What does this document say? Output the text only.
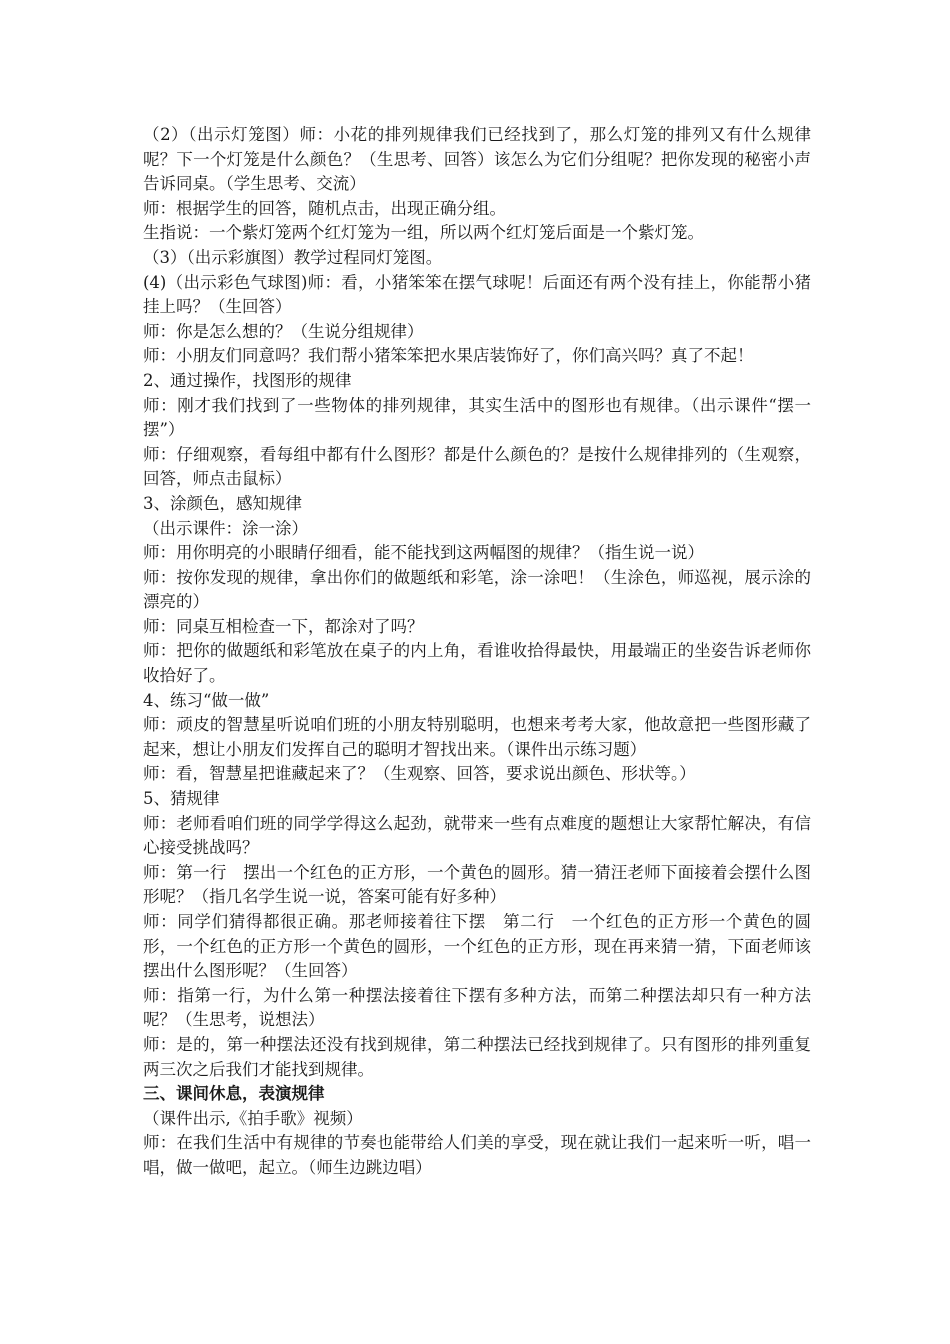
（2）（出示灯笼图）师：小花的排列规律我们已经找到了，那么灯笼的排列又有什么规律呢？下一个灯笼是什么颜色？（生思考、回答）该怎么为它们分组呢？把你发现的秘密小声告诉同桌。（学生思考、交流）

师：根据学生的回答，随机点击，出现正确分组。

生指说：一个紫灯笼两个红灯笼为一组，所以两个红灯笼后面是一个紫灯笼。

（3）（出示彩旗图）教学过程同灯笼图。

(4)（出示彩色气球图)师：看，小猪笨笨在摆气球呢！后面还有两个没有挂上，你能帮小猪挂上吗？（生回答）

师：你是怎么想的？（生说分组规律）

师：小朋友们同意吗？我们帮小猪笨笨把水果店装饰好了，你们高兴吗？真了不起！

2、通过操作，找图形的规律

师：刚才我们找到了一些物体的排列规律，其实生活中的图形也有规律。（出示课件“摆一摆”）

师：仔细观察，看每组中都有什么图形？都是什么颜色的？是按什么规律排列的（生观察，回答，师点击鼠标）

3、涂颜色，感知规律

（出示课件：涂一涂）

师：用你明亮的小眼睛仔细看，能不能找到这两幅图的规律？（指生说一说）

师：按你发现的规律，拿出你们的做题纸和彩笔，涂一涂吧！（生涂色，师巡视，展示涂的漂亮的）

师：同桌互相检查一下，都涂对了吗？

师：把你的做题纸和彩笔放在桌子的内上角，看谁收拾得最快，用最端正的坐姿告诉老师你收拾好了。

4、练习“做一做”

师：顽皮的智慧星听说咱们班的小朋友特别聪明，也想来考考大家，他故意把一些图形藏了起来，想让小朋友们发挥自己的聪明才智找出来。（课件出示练习题）

师：看，智慧星把谁藏起来了？（生观察、回答，要求说出颜色、形状等。）

5、猜规律

师：老师看咱们班的同学学得这么起劲，就带来一些有点难度的题想让大家帮忙解决，有信心接受挑战吗？

师：第一行　摆出一个红色的正方形，一个黄色的圆形。猜一猜汪老师下面接着会摆什么图形呢？（指几名学生说一说，答案可能有好多种）

师：同学们猜得都很正确。那老师接着往下摆　第二行　一个红色的正方形一个黄色的圆形，一个红色的正方形一个黄色的圆形，一个红色的正方形，现在再来猜一猜，下面老师该摆出什么图形呢？（生回答）

师：指第一行，为什么第一种摆法接着往下摆有多种方法，而第二种摆法却只有一种方法呢？（生思考，说想法）

师：是的，第一种摆法还没有找到规律，第二种摆法已经找到规律了。只有图形的排列重复两三次之后我们才能找到规律。

三、课间休息，表演规律

（课件出示,《拍手歌》视频）

师：在我们生活中有规律的节奏也能带给人们美的享受，现在就让我们一起来听一听，唱一唱，做一做吧，起立。（师生边跳边唱）
